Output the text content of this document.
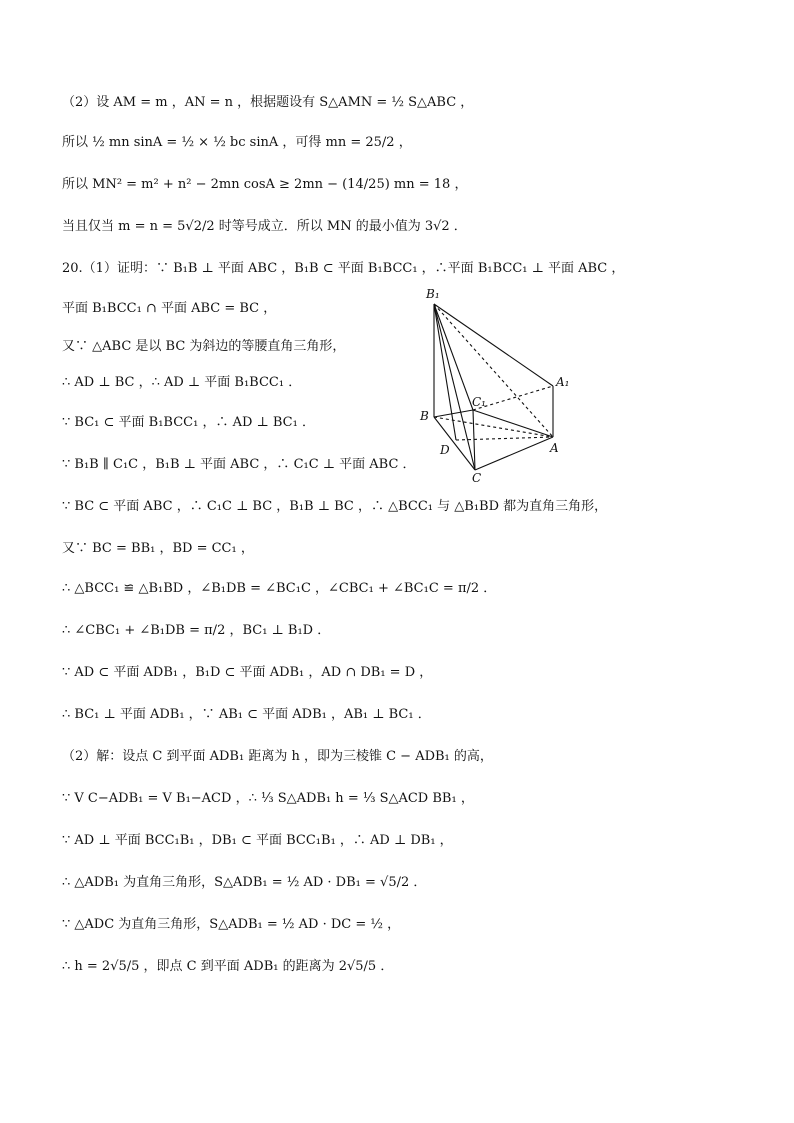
（2）设 AM = m ，AN = n ，根据题设有 S△AMN = ½ S△ABC ，
所以 ½ mn sinA = ½ × ½ bc sinA ，可得 mn = 25/2 ，
所以 MN² = m² + n² − 2mn cosA ≥ 2mn − (14/25) mn = 18 ，
当且仅当 m = n = 5√2/2 时等号成立．所以 MN 的最小值为 3√2 ．
20.（1）证明：∵ B₁B ⊥ 平面 ABC ，B₁B ⊂ 平面 B₁BCC₁ ，∴平面 B₁BCC₁ ⊥ 平面 ABC ，
平面 B₁BCC₁ ∩ 平面 ABC = BC ，
又∵ △ABC 是以 BC 为斜边的等腰直角三角形，
∴ AD ⊥ BC ，∴ AD ⊥ 平面 B₁BCC₁ ．
∵ BC₁ ⊂ 平面 B₁BCC₁ ，∴ AD ⊥ BC₁ ．
∵ B₁B ∥ C₁C ，B₁B ⊥ 平面 ABC ，∴ C₁C ⊥ 平面 ABC ．
∵ BC ⊂ 平面 ABC ，∴ C₁C ⊥ BC ，B₁B ⊥ BC ，∴ △BCC₁ 与 △B₁BD 都为直角三角形，
又∵ BC = BB₁ ，BD = CC₁ ，
∴ △BCC₁ ≌ △B₁BD ，∠B₁DB = ∠BC₁C ，∠CBC₁ + ∠BC₁C = π/2 ．
∴ ∠CBC₁ + ∠B₁DB = π/2 ，BC₁ ⊥ B₁D ．
∵ AD ⊂ 平面 ADB₁ ，B₁D ⊂ 平面 ADB₁ ，AD ∩ DB₁ = D ，
∴ BC₁ ⊥ 平面 ADB₁ ，∵ AB₁ ⊂ 平面 ADB₁ ，AB₁ ⊥ BC₁ ．
（2）解：设点 C 到平面 ADB₁ 距离为 h ，即为三棱锥 C − ADB₁ 的高，
∵ V C−ADB₁ = V B₁−ACD ，∴ ⅓ S△ADB₁ h = ⅓ S△ACD BB₁ ，
∵ AD ⊥ 平面 BCC₁B₁ ，DB₁ ⊂ 平面 BCC₁B₁ ，∴ AD ⊥ DB₁ ，
∴ △ADB₁ 为直角三角形，S△ADB₁ = ½ AD · DB₁ = √5/2 ．
∵ △ADC 为直角三角形，S△ADB₁ = ½ AD · DC = ½ ，
∴ h = 2√5/5 ，即点 C 到平面 ADB₁ 的距离为 2√5/5 ．
B₁
A₁
C₁
B
A
D
C
